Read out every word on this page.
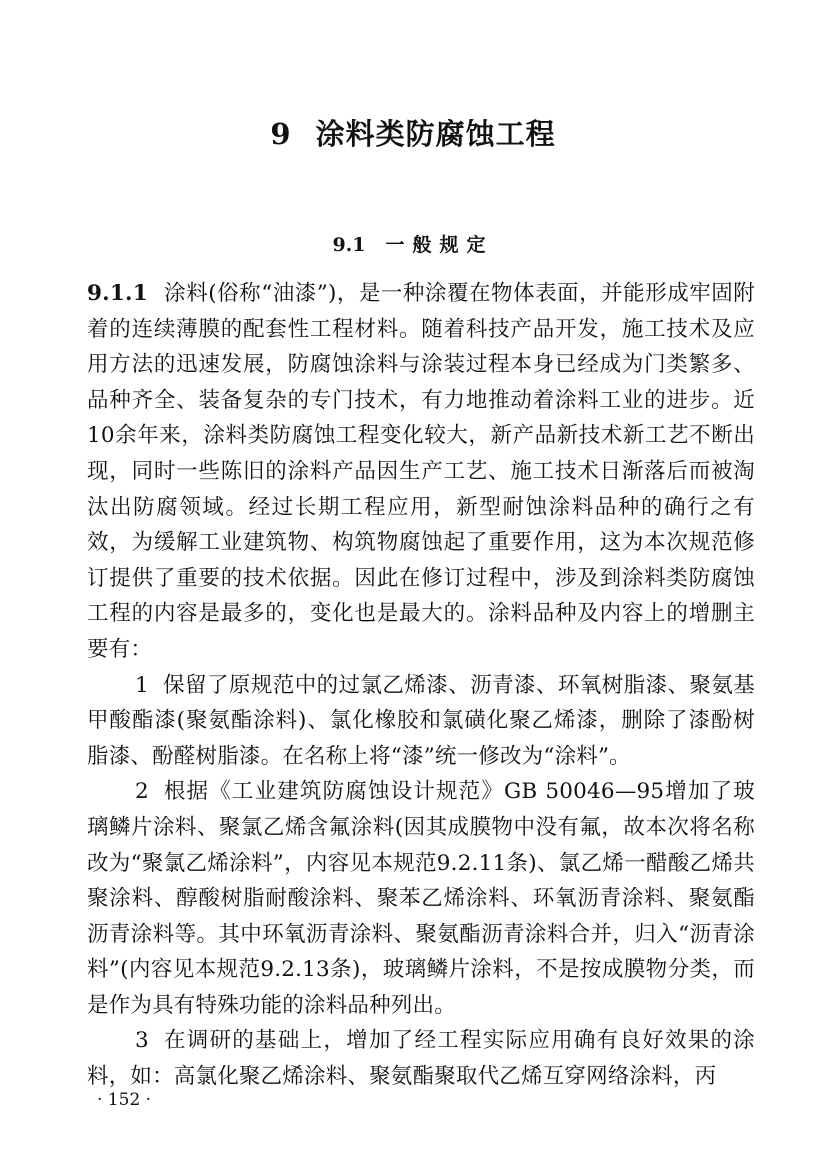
9 涂料类防腐蚀工程
9.1 一般规定

9.1.1 涂料(俗称“油漆”)，是一种涂覆在物体表面，并能形成牢固附着的连续薄膜的配套性工程材料。随着科技产品开发，施工技术及应用方法的迅速发展，防腐蚀涂料与涂装过程本身已经成为门类繁多、品种齐全、装备复杂的专门技术，有力地推动着涂料工业的进步。近10余年来，涂料类防腐蚀工程变化较大，新产品新技术新工艺不断出现，同时一些陈旧的涂料产品因生产工艺、施工技术日渐落后而被淘汰出防腐领域。经过长期工程应用，新型耐蚀涂料品种的确行之有效，为缓解工业建筑物、构筑物腐蚀起了重要作用，这为本次规范修订提供了重要的技术依据。因此在修订过程中，涉及到涂料类防腐蚀工程的内容是最多的，变化也是最大的。涂料品种及内容上的增删主要有：

1 保留了原规范中的过氯乙烯漆、沥青漆、环氧树脂漆、聚氨基甲酸酯漆(聚氨酯涂料)、氯化橡胶和氯磺化聚乙烯漆，删除了漆酚树脂漆、酚醛树脂漆。在名称上将“漆”统一修改为“涂料”。

2 根据《工业建筑防腐蚀设计规范》GB 50046—95增加了玻璃鳞片涂料、聚氯乙烯含氟涂料(因其成膜物中没有氟，故本次将名称改为“聚氯乙烯涂料”，内容见本规范9.2.11条)、氯乙烯一醋酸乙烯共聚涂料、醇酸树脂耐酸涂料、聚苯乙烯涂料、环氧沥青涂料、聚氨酯沥青涂料等。其中环氧沥青涂料、聚氨酯沥青涂料合并，归入“沥青涂料”(内容见本规范9.2.13条)，玻璃鳞片涂料，不是按成膜物分类，而是作为具有特殊功能的涂料品种列出。

3 在调研的基础上，增加了经工程实际应用确有良好效果的涂料，如：高氯化聚乙烯涂料、聚氨酯聚取代乙烯互穿网络涂料，丙

· 152 ·
